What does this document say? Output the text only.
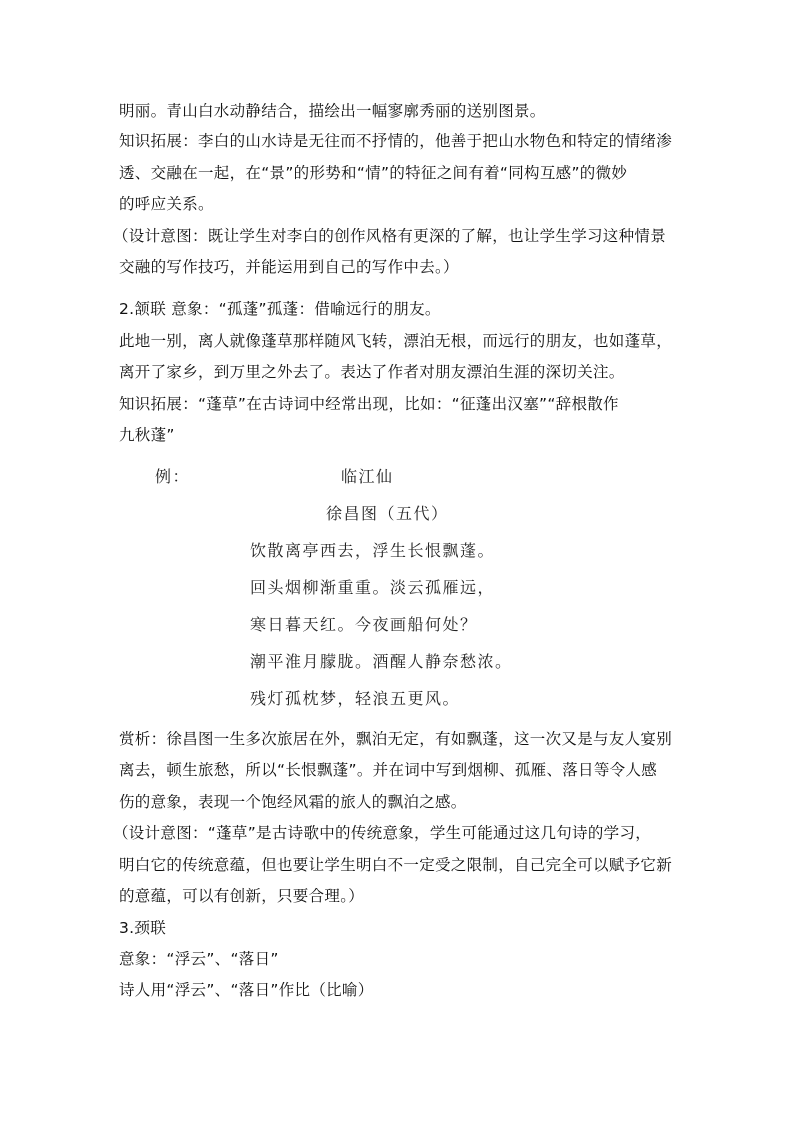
明丽。青山白水动静结合，描绘出一幅寥廓秀丽的送别图景。
知识拓展：李白的山水诗是无往而不抒情的，他善于把山水物色和特定的情绪渗
透、交融在一起，在“景”的形势和“情”的特征之间有着“同构互感”的微妙
的呼应关系。
（设计意图：既让学生对李白的创作风格有更深的了解，也让学生学习这种情景
交融的写作技巧，并能运用到自己的写作中去。）
2.颔联 意象：“孤蓬”孤蓬：借喻远行的朋友。
此地一别，离人就像蓬草那样随风飞转，漂泊无根，而远行的朋友，也如蓬草，
离开了家乡，到万里之外去了。表达了作者对朋友漂泊生涯的深切关注。
知识拓展：“蓬草”在古诗词中经常出现，比如：“征蓬出汉塞”“辞根散作
九秋蓬”
例：	临江仙
徐昌图（五代）
饮散离亭西去，浮生长恨飘蓬。
回头烟柳渐重重。淡云孤雁远，
寒日暮天红。今夜画船何处？
潮平淮月朦胧。酒醒人静奈愁浓。
残灯孤枕梦，轻浪五更风。
赏析：徐昌图一生多次旅居在外，飘泊无定，有如飘蓬，这一次又是与友人宴别
离去，顿生旅愁，所以“长恨飘蓬”。并在词中写到烟柳、孤雁、落日等令人感
伤的意象，表现一个饱经风霜的旅人的飘泊之感。
（设计意图：“蓬草”是古诗歌中的传统意象，学生可能通过这几句诗的学习，
明白它的传统意蕴，但也要让学生明白不一定受之限制，自己完全可以赋予它新
的意蕴，可以有创新，只要合理。）
3.颈联
意象：“浮云”、“落日”
诗人用“浮云”、“落日”作比（比喻）
